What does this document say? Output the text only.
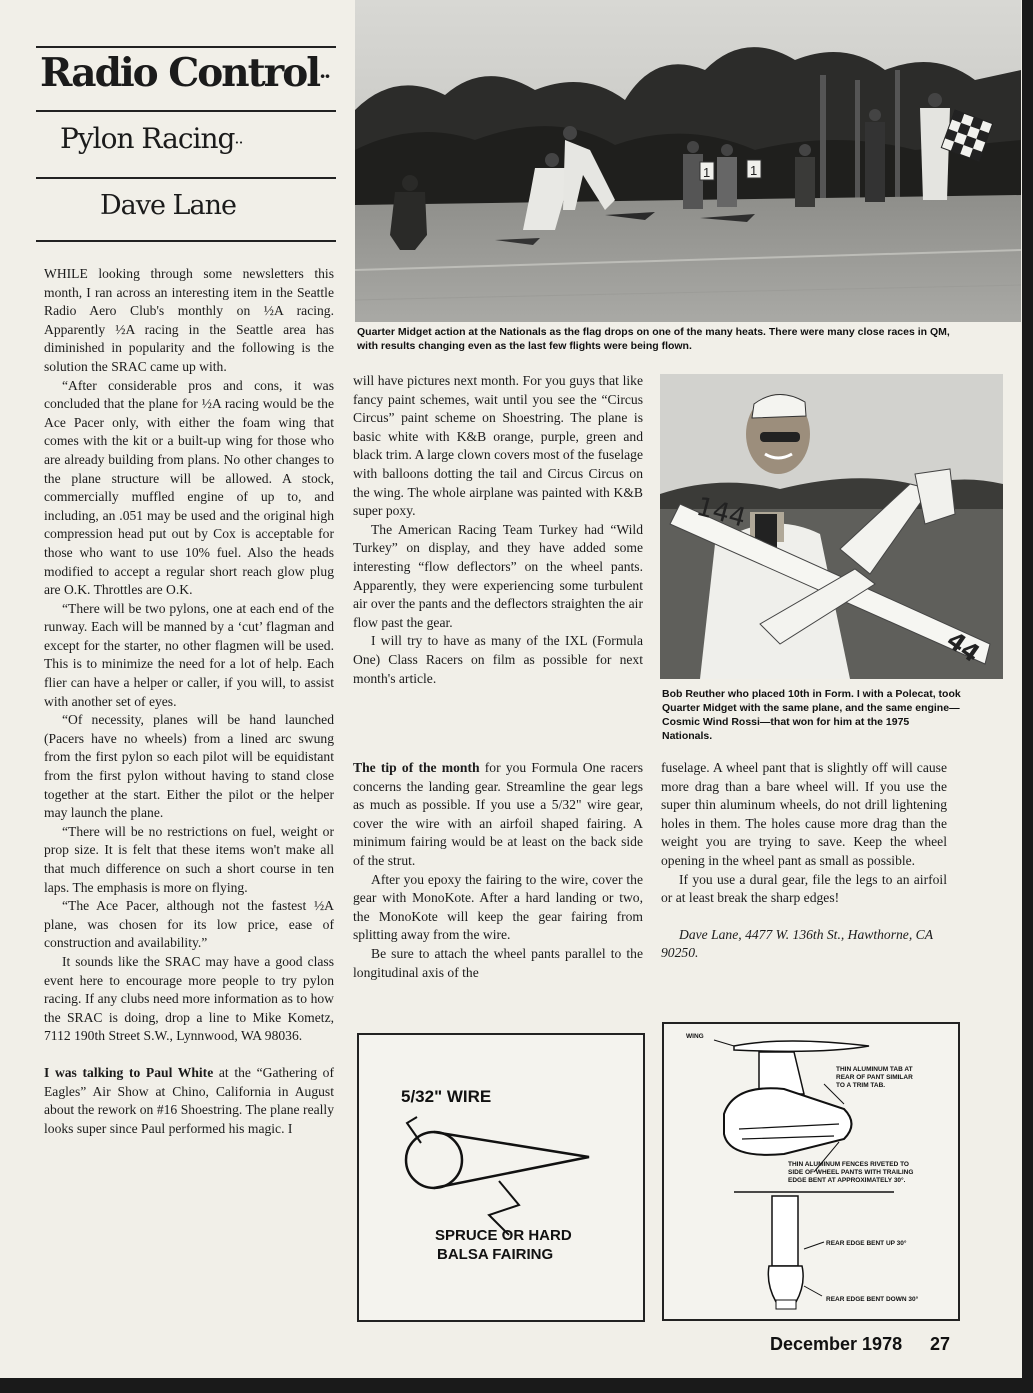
Radio Control··
Pylon Racing··
Dave Lane
1	1
Quarter Midget action at the Nationals as the flag drops on one of the many heats. There were many close races in QM, with results changing even as the last few flights were being flown.
144
44
Bob Reuther who placed 10th in Form. I with a Polecat, took Quarter Midget with the same plane, and the same engine—Cosmic Wind Rossi—that won for him at the 1975 Nationals.

WHILE looking through some newsletters this month, I ran across an interesting item in the Seattle Radio Aero Club's monthly on ½A racing. Apparently ½A racing in the Seattle area has diminished in popularity and the following is the solution the SRAC came up with.

“After considerable pros and cons, it was concluded that the plane for ½A racing would be the Ace Pacer only, with either the foam wing that comes with the kit or a built-up wing for those who are already building from plans. No other changes to the plane structure will be allowed. A stock, commercially muffled engine of up to, and including, an .051 may be used and the original high compression head put out by Cox is acceptable for those who want to use 10% fuel. Also the heads modified to accept a regular short reach glow plug are O.K. Throttles are O.K.

“There will be two pylons, one at each end of the runway. Each will be manned by a ‘cut’ flagman and except for the starter, no other flagmen will be used. This is to minimize the need for a lot of help. Each flier can have a helper or caller, if you will, to assist with another set of eyes.

“Of necessity, planes will be hand launched (Pacers have no wheels) from a lined arc swung from the first pylon so each pilot will be equidistant from the first pylon without having to stand close together at the start. Either the pilot or the helper may launch the plane.

“There will be no restrictions on fuel, weight or prop size. It is felt that these items won't make all that much difference on such a short course in ten laps. The emphasis is more on flying.

“The Ace Pacer, although not the fastest ½A plane, was chosen for its low price, ease of construction and availability.”

It sounds like the SRAC may have a good class event here to encourage more people to try pylon racing. If any clubs need more information as to how the SRAC is doing, drop a line to Mike Kometz, 7112 190th Street S.W., Lynnwood, WA 98036.

I was talking to Paul White at the “Gathering of Eagles” Air Show at Chino, California in August about the rework on #16 Shoestring. The plane really looks super since Paul performed his magic. I

will have pictures next month. For you guys that like fancy paint schemes, wait until you see the “Circus Circus” paint scheme on Shoestring. The plane is basic white with K&B orange, purple, green and black trim. A large clown covers most of the fuselage with balloons dotting the tail and Circus Circus on the wing. The whole airplane was painted with K&B super poxy.

The American Racing Team Turkey had “Wild Turkey” on display, and they have added some interesting “flow deflectors” on the wheel pants. Apparently, they were experiencing some turbulent air over the pants and the deflectors straighten the air flow past the gear.

I will try to have as many of the IXL (Formula One) Class Racers on film as possible for next month's article.

The tip of the month for you Formula One racers concerns the landing gear. Streamline the gear legs as much as possible. If you use a 5/32" wire gear, cover the wire with an airfoil shaped fairing. A minimum fairing would be at least on the back side of the strut.

After you epoxy the fairing to the wire, cover the gear with MonoKote. After a hard landing or two, the MonoKote will keep the gear fairing from splitting away from the wire.

Be sure to attach the wheel pants parallel to the longitudinal axis of the

fuselage. A wheel pant that is slightly off will cause more drag than a bare wheel will. If you use the super thin aluminum wheels, do not drill lightening holes in them. The holes cause more drag than the weight you are trying to save. Keep the wheel opening in the wheel pant as small as possible.

If you use a dural gear, file the legs to an airfoil or at least break the sharp edges!

Dave Lane, 4477 W. 136th St., Hawthorne, CA 90250.

5/32" WIRE
SPRUCE OR HARD
BALSA FAIRING
WING
THIN ALUMINUM TAB AT
REAR OF PANT SIMILAR
TO A TRIM TAB.
THIN ALUMINUM FENCES RIVETED TO
SIDE OF WHEEL PANTS WITH TRAILING
EDGE BENT AT APPROXIMATELY 30°.
REAR EDGE BENT UP 30°
REAR EDGE BENT DOWN 30°
December 1978 27
